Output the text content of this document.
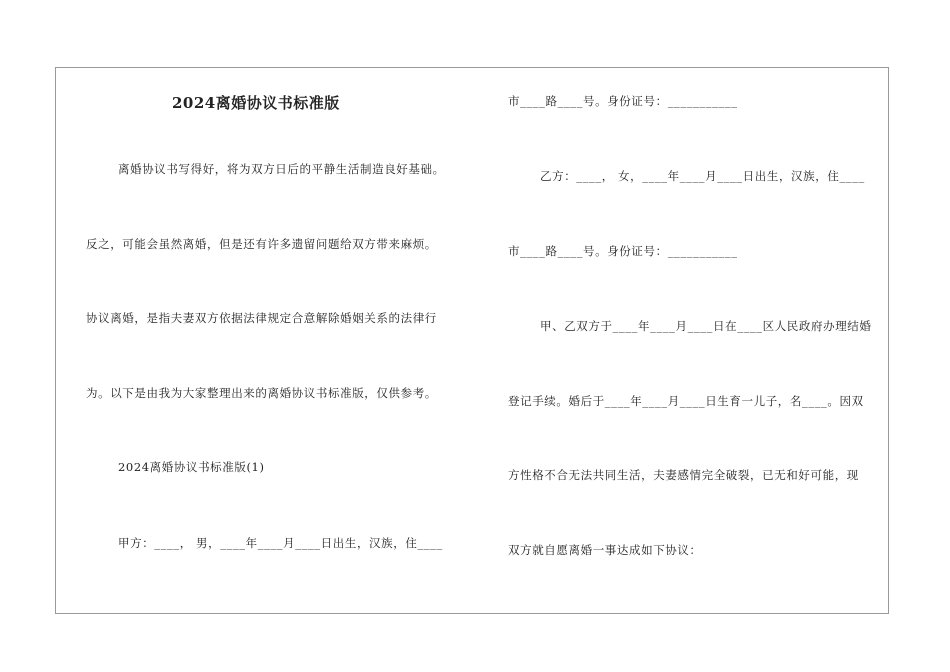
2024离婚协议书标准版
离婚协议书写得好，将为双方日后的平静生活制造良好基础。
反之，可能会虽然离婚，但是还有许多遗留问题给双方带来麻烦。
协议离婚，是指夫妻双方依据法律规定合意解除婚姻关系的法律行
为。以下是由我为大家整理出来的离婚协议书标准版，仅供参考。
2024离婚协议书标准版(1)
甲方：____， 男，____年____月____日出生，汉族，住____
市____路____号。身份证号：___________
乙方：____， 女，____年____月____日出生，汉族，住____
市____路____号。身份证号：___________
甲、乙双方于____年____月____日在____区人民政府办理结婚
登记手续。婚后于____年____月____日生育一儿子，名____。因双
方性格不合无法共同生活，夫妻感情完全破裂，已无和好可能，现
双方就自愿离婚一事达成如下协议：
